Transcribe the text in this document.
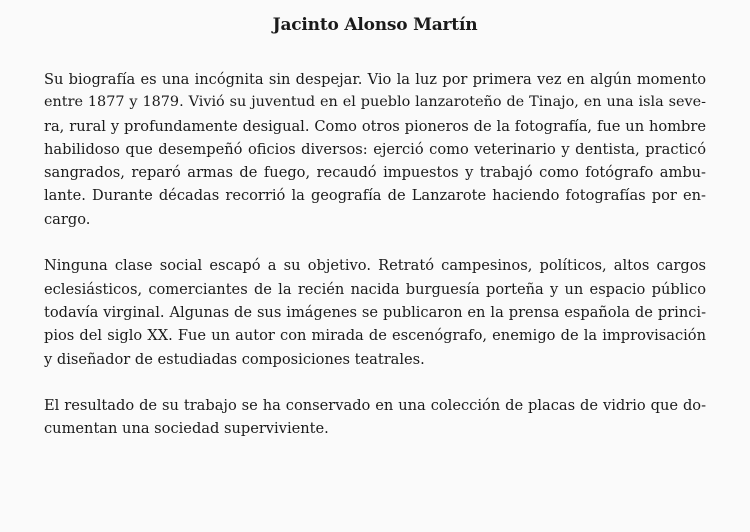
Jacinto Alonso Martín

Su biografía es una incógnita sin despejar. Vio la luz por primera vez en algún momento
entre 1877 y 1879. Vivió su juventud en el pueblo lanzaroteño de Tinajo, en una isla seve-
ra, rural y profundamente desigual. Como otros pioneros de la fotografía, fue un hombre
habilidoso que desempeñó oficios diversos: ejerció como veterinario y dentista, practicó
sangrados, reparó armas de fuego, recaudó impuestos y trabajó como fotógrafo ambu-
lante. Durante décadas recorrió la geografía de Lanzarote haciendo fotografías por en-
cargo.

Ninguna clase social escapó a su objetivo. Retrató campesinos, políticos, altos cargos
eclesiásticos, comerciantes de la recién nacida burguesía porteña y un espacio público
todavía virginal. Algunas de sus imágenes se publicaron en la prensa española de princi-
pios del siglo XX. Fue un autor con mirada de escenógrafo, enemigo de la improvisación
y diseñador de estudiadas composiciones teatrales.

El resultado de su trabajo se ha conservado en una colección de placas de vidrio que do-
cumentan una sociedad superviviente.
